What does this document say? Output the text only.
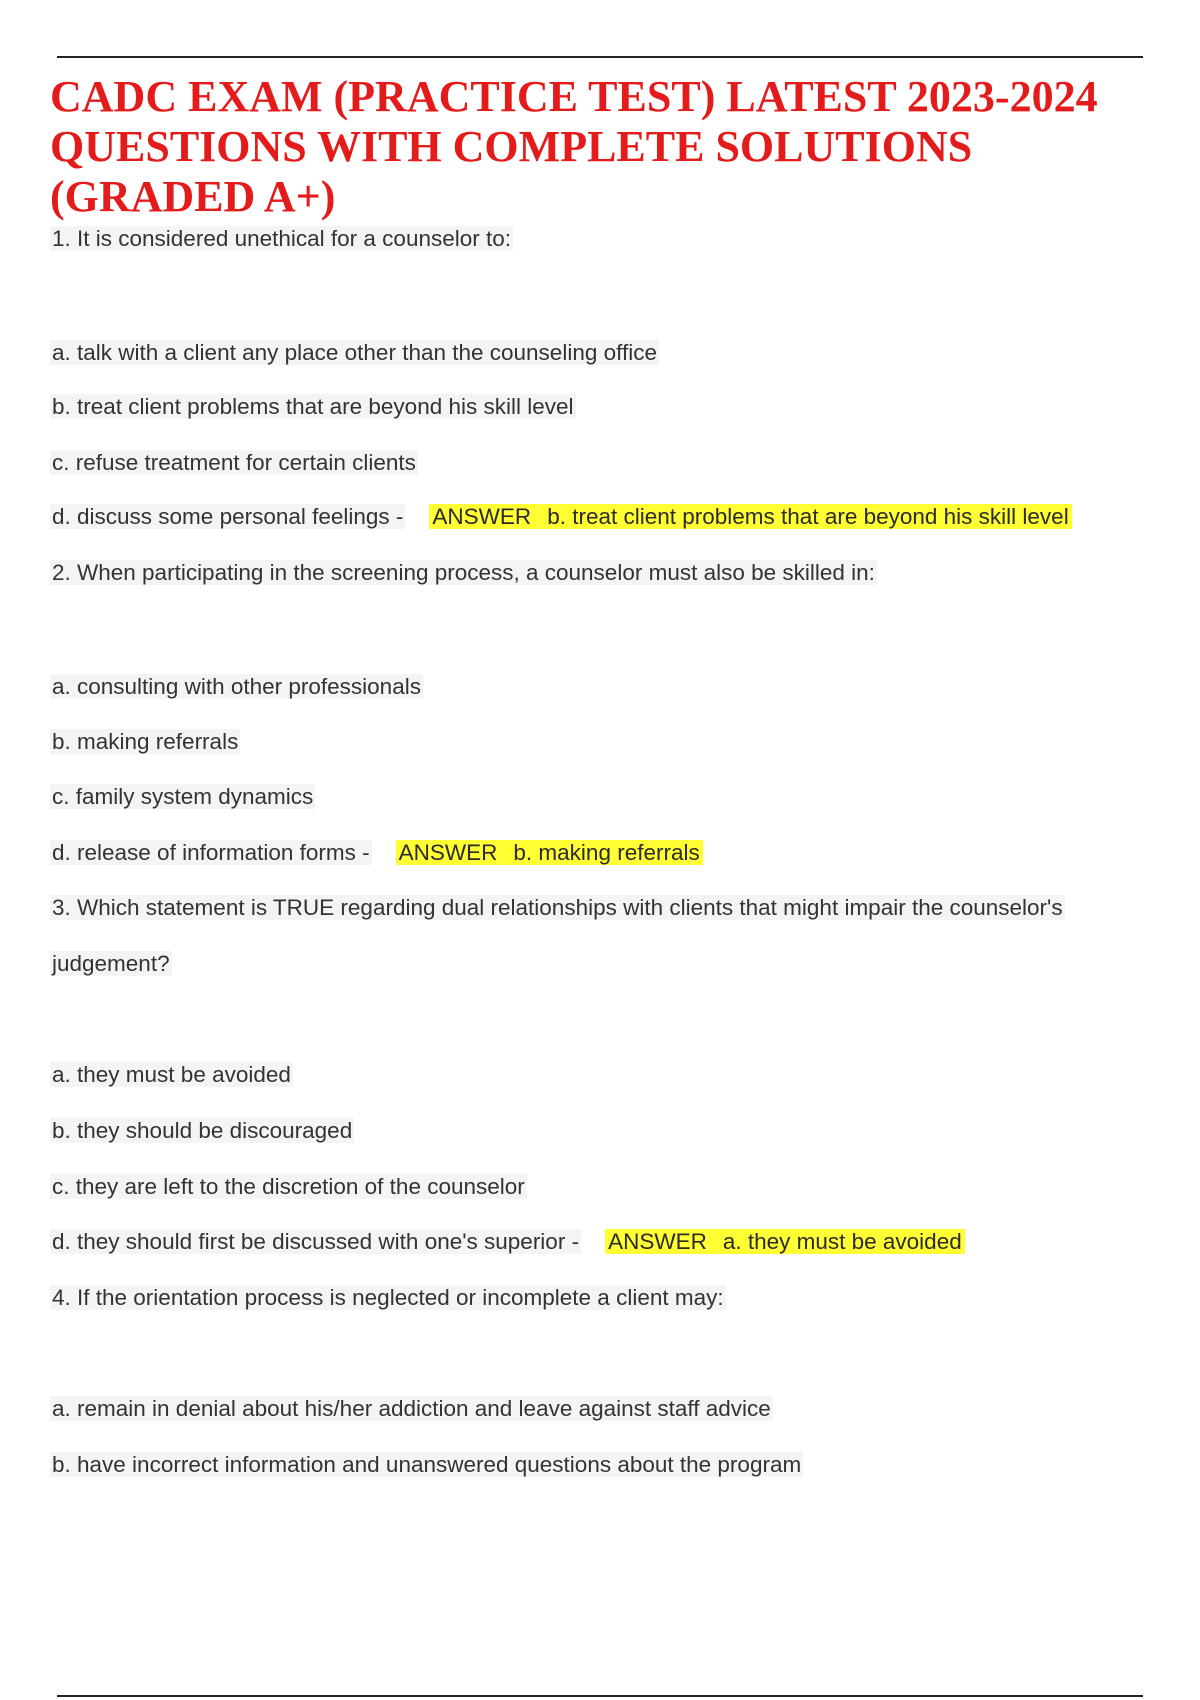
CADC EXAM (PRACTICE TEST) LATEST 2023-2024 QUESTIONS WITH COMPLETE SOLUTIONS (GRADED A+)
1. It is considered unethical for a counselor to:
a. talk with a client any place other than the counseling office
b. treat client problems that are beyond his skill level
c. refuse treatment for certain clients
d. discuss some personal feelings - ANSWER b. treat client problems that are beyond his skill level
2. When participating in the screening process, a counselor must also be skilled in:
a. consulting with other professionals
b. making referrals
c. family system dynamics
d. release of information forms - ANSWER b. making referrals
3. Which statement is TRUE regarding dual relationships with clients that might impair the counselor's
judgement?
a. they must be avoided
b. they should be discouraged
c. they are left to the discretion of the counselor
d. they should first be discussed with one's superior - ANSWER a. they must be avoided
4. If the orientation process is neglected or incomplete a client may:
a. remain in denial about his/her addiction and leave against staff advice
b. have incorrect information and unanswered questions about the program
